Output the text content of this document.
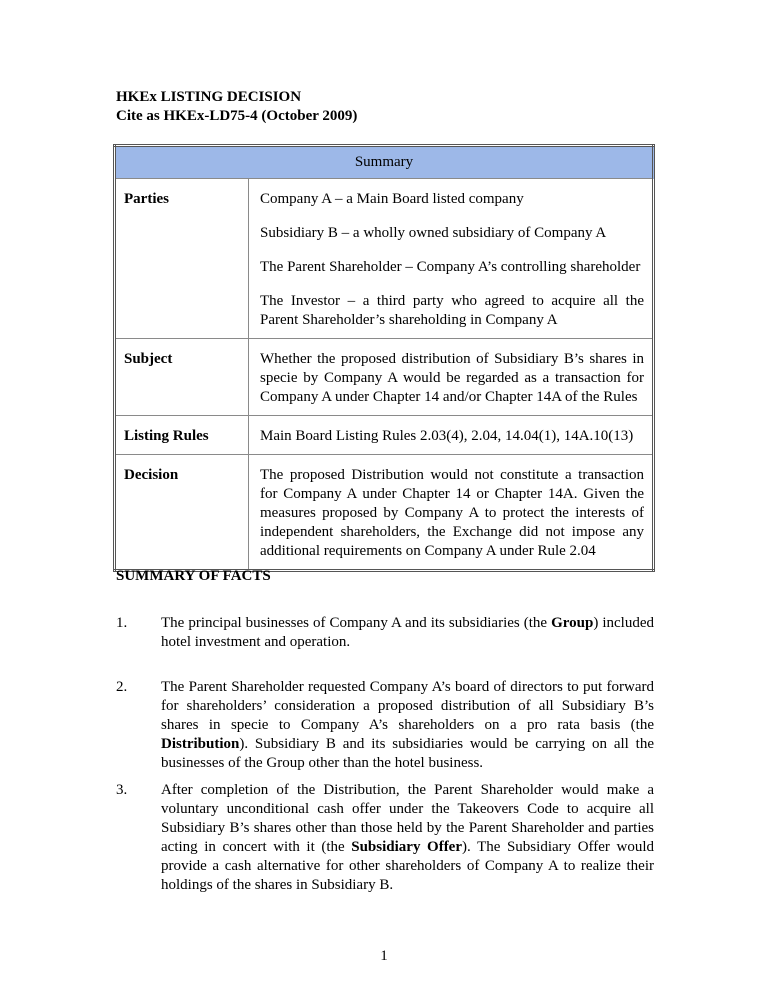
HKEx LISTING DECISION
Cite as HKEx-LD75-4 (October 2009)
Summary	
Parties	Company A – a Main Board listed company

Subsidiary B – a wholly owned subsidiary of Company A

The Parent Shareholder – Company A’s controlling shareholder

The Investor – a third party who agreed to acquire all the Parent Shareholder’s shareholding in Company A

Subject	Whether the proposed distribution of Subsidiary B’s shares in specie by Company A would be regarded as a transaction for Company A under Chapter 14 and/or Chapter 14A of the Rules

Listing Rules	Main Board Listing Rules 2.03(4), 2.04, 14.04(1), 14A.10(13)

Decision	The proposed Distribution would not constitute a transaction for Company A under Chapter 14 or Chapter 14A. Given the measures proposed by Company A to protect the interests of independent shareholders, the Exchange did not impose any additional requirements on Company A under Rule 2.04

SUMMARY OF FACTS
1. The principal businesses of Company A and its subsidiaries (the Group) included hotel investment and operation.
2. The Parent Shareholder requested Company A’s board of directors to put forward for shareholders’ consideration a proposed distribution of all Subsidiary B’s shares in specie to Company A’s shareholders on a pro rata basis (the Distribution). Subsidiary B and its subsidiaries would be carrying on all the businesses of the Group other than the hotel business.
3. After completion of the Distribution, the Parent Shareholder would make a voluntary unconditional cash offer under the Takeovers Code to acquire all Subsidiary B’s shares other than those held by the Parent Shareholder and parties acting in concert with it (the Subsidiary Offer). The Subsidiary Offer would provide a cash alternative for other shareholders of Company A to realize their holdings of the shares in Subsidiary B.
1
